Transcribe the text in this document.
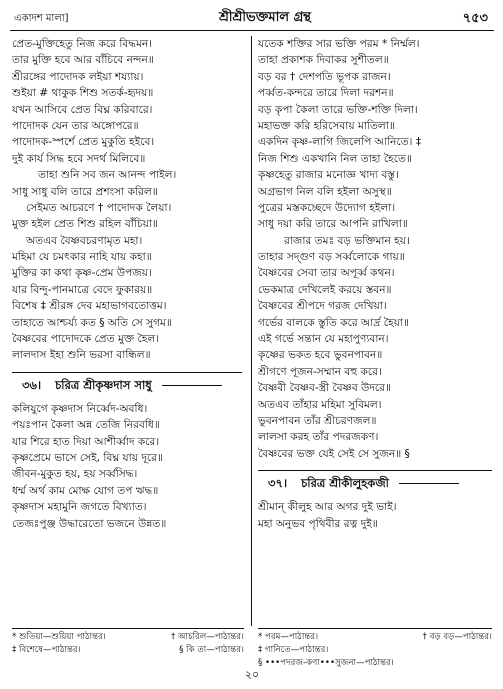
একাদশ মালা]	শ্রীশ্রীভক্তমাল গ্রন্থ	৭৫৩
প্রেত-মুক্তিহেতু নিজ করে বিদ্ধমন।
তার মুক্তি হবে আর বাঁচিবে নন্দন॥
শ্রীরঙ্গের পাদোদক লইয়া শয্যায়।
শুইয়া # থাকুক শিশু সতর্ক-হৃদয়॥
যখন আসিবে প্রেত বিঘ্ন করিবারে।
পাদোদক যেন তার অঙ্গোপরে॥
পাদোদক-স্পর্শে প্রেত মুকুতি হইবে।
দুই কার্য সিদ্ধ হবে সদর্থ মিলিবে॥
তাহা শুনি সব জন আনন্দ পাইল।
সাধু সাধু বলি তারে প্রশংসা করিল॥
সেইমত আচরণে † পাদোদক লৈয়া।
মুক্ত হইল প্রেত শিশু রহিল বাঁচিয়া॥
অতএব বৈষ্ণবচরণামৃত মহা।
মহিমা যে চমৎকার নাহি যায় কহা॥
মুক্তির কা কথা কৃষ্ণ-প্রেম উপজয়।
যার বিন্দু-পানমাত্রে বেদে ফুকারয়॥
বিশেষ ‡ শ্রীরঙ্গ দেব মহাভাগবতোত্তম।
তাহাতে আশ্চর্য্য কত § অতি সে সুগম॥
বৈষ্ণবের পাদোদকে প্রেত মুক্ত হৈল।
লালদাস ইহা শুনি ভরসা বান্ধিল॥
৩৬। চরিত্র শ্রীকৃষ্ণদাস সাধু
কলিযুগে কৃষ্ণদাস নির্ব্বেদ-অবধি।
পয়ঃপান কৈলা অন্ন তেজি নিরবধি॥
যার শিরে হাত দিয়া আশীর্ব্বাদ করে।
কৃষ্ণপ্রেমে ভাসে সেই, বিঘ্ন যায় দূরে॥
জীবন-মুকুত হয়, হয় সর্ব্বসিদ্ধ।
ধর্ম্ম অর্থ কাম মোক্ষ যোগ তপ ঋদ্ধ॥
কৃষ্ণদাস মহামুনি জগতে বিখ্যাত।
তেজঃপুঞ্জ উদ্ধারেতো ভজনে উন্নত॥
যতেক শক্তির সার ভক্তি পরম * নির্ম্মল।
তাহা প্রকাশক দিবাকর সুশীতল॥
বড় বর † দেশপতি ভূপক রাজন।
পর্ব্বত-কন্দরে তারে দিলা দরশন॥
বড় কৃপা কৈলা তারে ভক্তি-শক্তি দিলা।
মহাভক্ত করি হরিসেবায় মাতিলা॥
একদিন কৃষ্ণ-লাগি জিলেপি আনিতে। ‡
নিজ শিশু একখানি নিল তাহা হৈতে॥
কৃষ্ণহেতু রাজার মনোজ্ঞ খাদ্য বস্তু।
অগ্রভাগ নিল বলি হইলা অসুস্থ॥
পুত্রের মস্তকচ্ছেদে উদ্যোগ হইলা।
সাধু দয়া করি তারে আপনি রাখিলা॥
রাজার তমঃ বড় ভক্তিমান হয়।
তাহার সদ্গুণ বড় সর্ব্বলোকে গায়॥
বৈষ্ণবের সেবা তার অপূর্ব্ব কথন।
ভেকমাত্র দেখিলেই করয়ে স্তবন॥
বৈষ্ণবের শ্রীপদে গরজ দেখিয়া।
গর্ভের বালকে স্তুতি করে আর্দ্র হৈয়া॥
এই গর্ভে সন্তান যে মহাপুণ্যবান।
কৃষ্ণের ভকত হবে ভুবনপাবন॥
শ্রীগণে পূজন-সম্মান বহু করে।
বৈষ্ণবী বৈষ্ণব-স্ত্রী বৈষ্ণব উদরে॥
অতএব তাঁহার মহিমা সুবিমল।
ভুবনপাবন তাঁর শ্রীচরণজল॥
লালসা করহ তাঁর পদরজকণ।
বৈষ্ণবের ভক্ত যেই সেই সে সুজন॥ §
৩৭। চরিত্র শ্রীকীলুহকজী
শ্রীমান্ কীলুহ আর অগর দুই ভাই।
মহা অনুভব পৃথিবীর রত্ন দুই॥
* শুতিয়া—শুয়িয়া পাঠান্তর।	† আচরিল—পাঠান্তর।
‡ বিশেষে—পাঠান্তর।	§ কি তা—পাঠান্তর।
* পরম—পাঠান্তর।	† বড় বড়—পাঠান্তর।
‡ গানিতে—পাঠান্তর।
§ •••পদরজ-কণা•••সুজনা—পাঠান্তর।
২০
